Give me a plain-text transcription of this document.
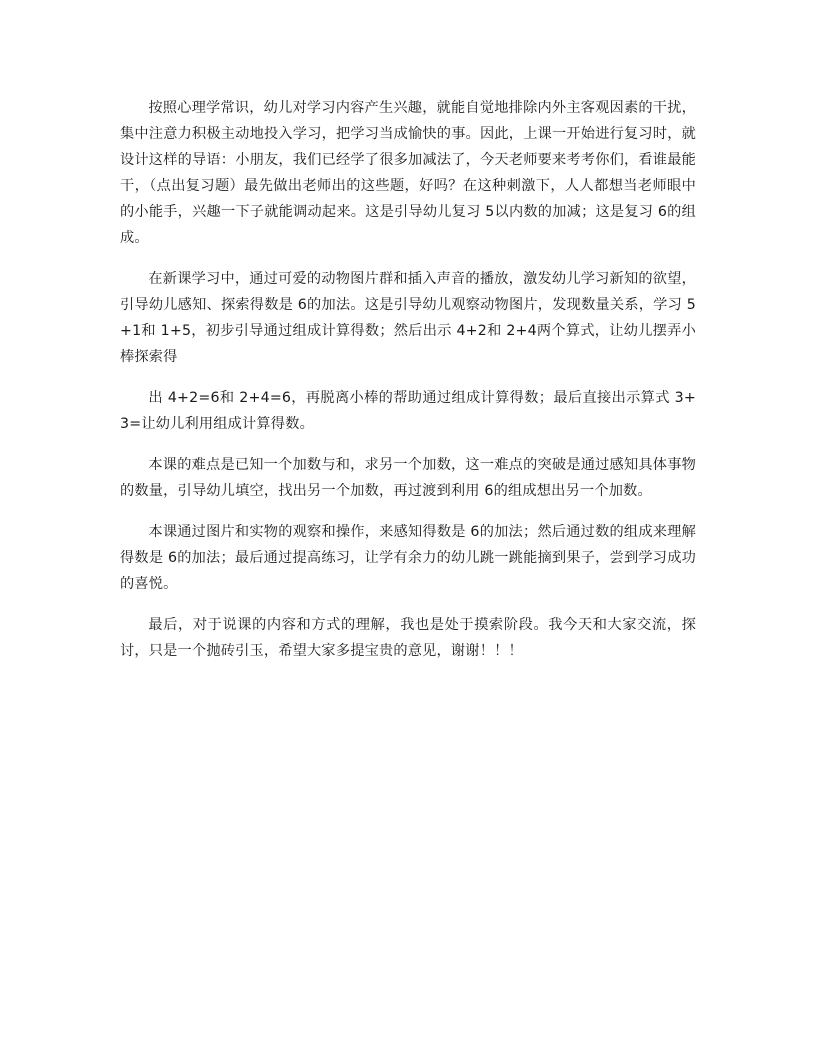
按照心理学常识，幼儿对学习内容产生兴趣，就能自觉地排除内外主客观因素的干扰，集中注意力积极主动地投入学习，把学习当成愉快的事。因此，上课一开始进行复习时，就设计这样的导语：小朋友，我们已经学了很多加减法了，今天老师要来考考你们，看谁最能干，（点出复习题）最先做出老师出的这些题，好吗？在这种刺激下，人人都想当老师眼中的小能手，兴趣一下子就能调动起来。这是引导幼儿复习 5以内数的加减；这是复习 6的组成。

在新课学习中，通过可爱的动物图片群和插入声音的播放，激发幼儿学习新知的欲望，引导幼儿感知、探索得数是 6的加法。这是引导幼儿观察动物图片，发现数量关系，学习 5+1和 1+5，初步引导通过组成计算得数；然后出示 4+2和 2+4两个算式，让幼儿摆弄小棒探索得

出 4+2=6和 2+4=6，再脱离小棒的帮助通过组成计算得数；最后直接出示算式 3+3=让幼儿利用组成计算得数。

本课的难点是已知一个加数与和，求另一个加数，这一难点的突破是通过感知具体事物的数量，引导幼儿填空，找出另一个加数，再过渡到利用 6的组成想出另一个加数。

本课通过图片和实物的观察和操作，来感知得数是 6的加法；然后通过数的组成来理解得数是 6的加法；最后通过提高练习，让学有余力的幼儿跳一跳能摘到果子，尝到学习成功的喜悦。

最后，对于说课的内容和方式的理解，我也是处于摸索阶段。我今天和大家交流，探讨，只是一个抛砖引玉，希望大家多提宝贵的意见，谢谢！！！
